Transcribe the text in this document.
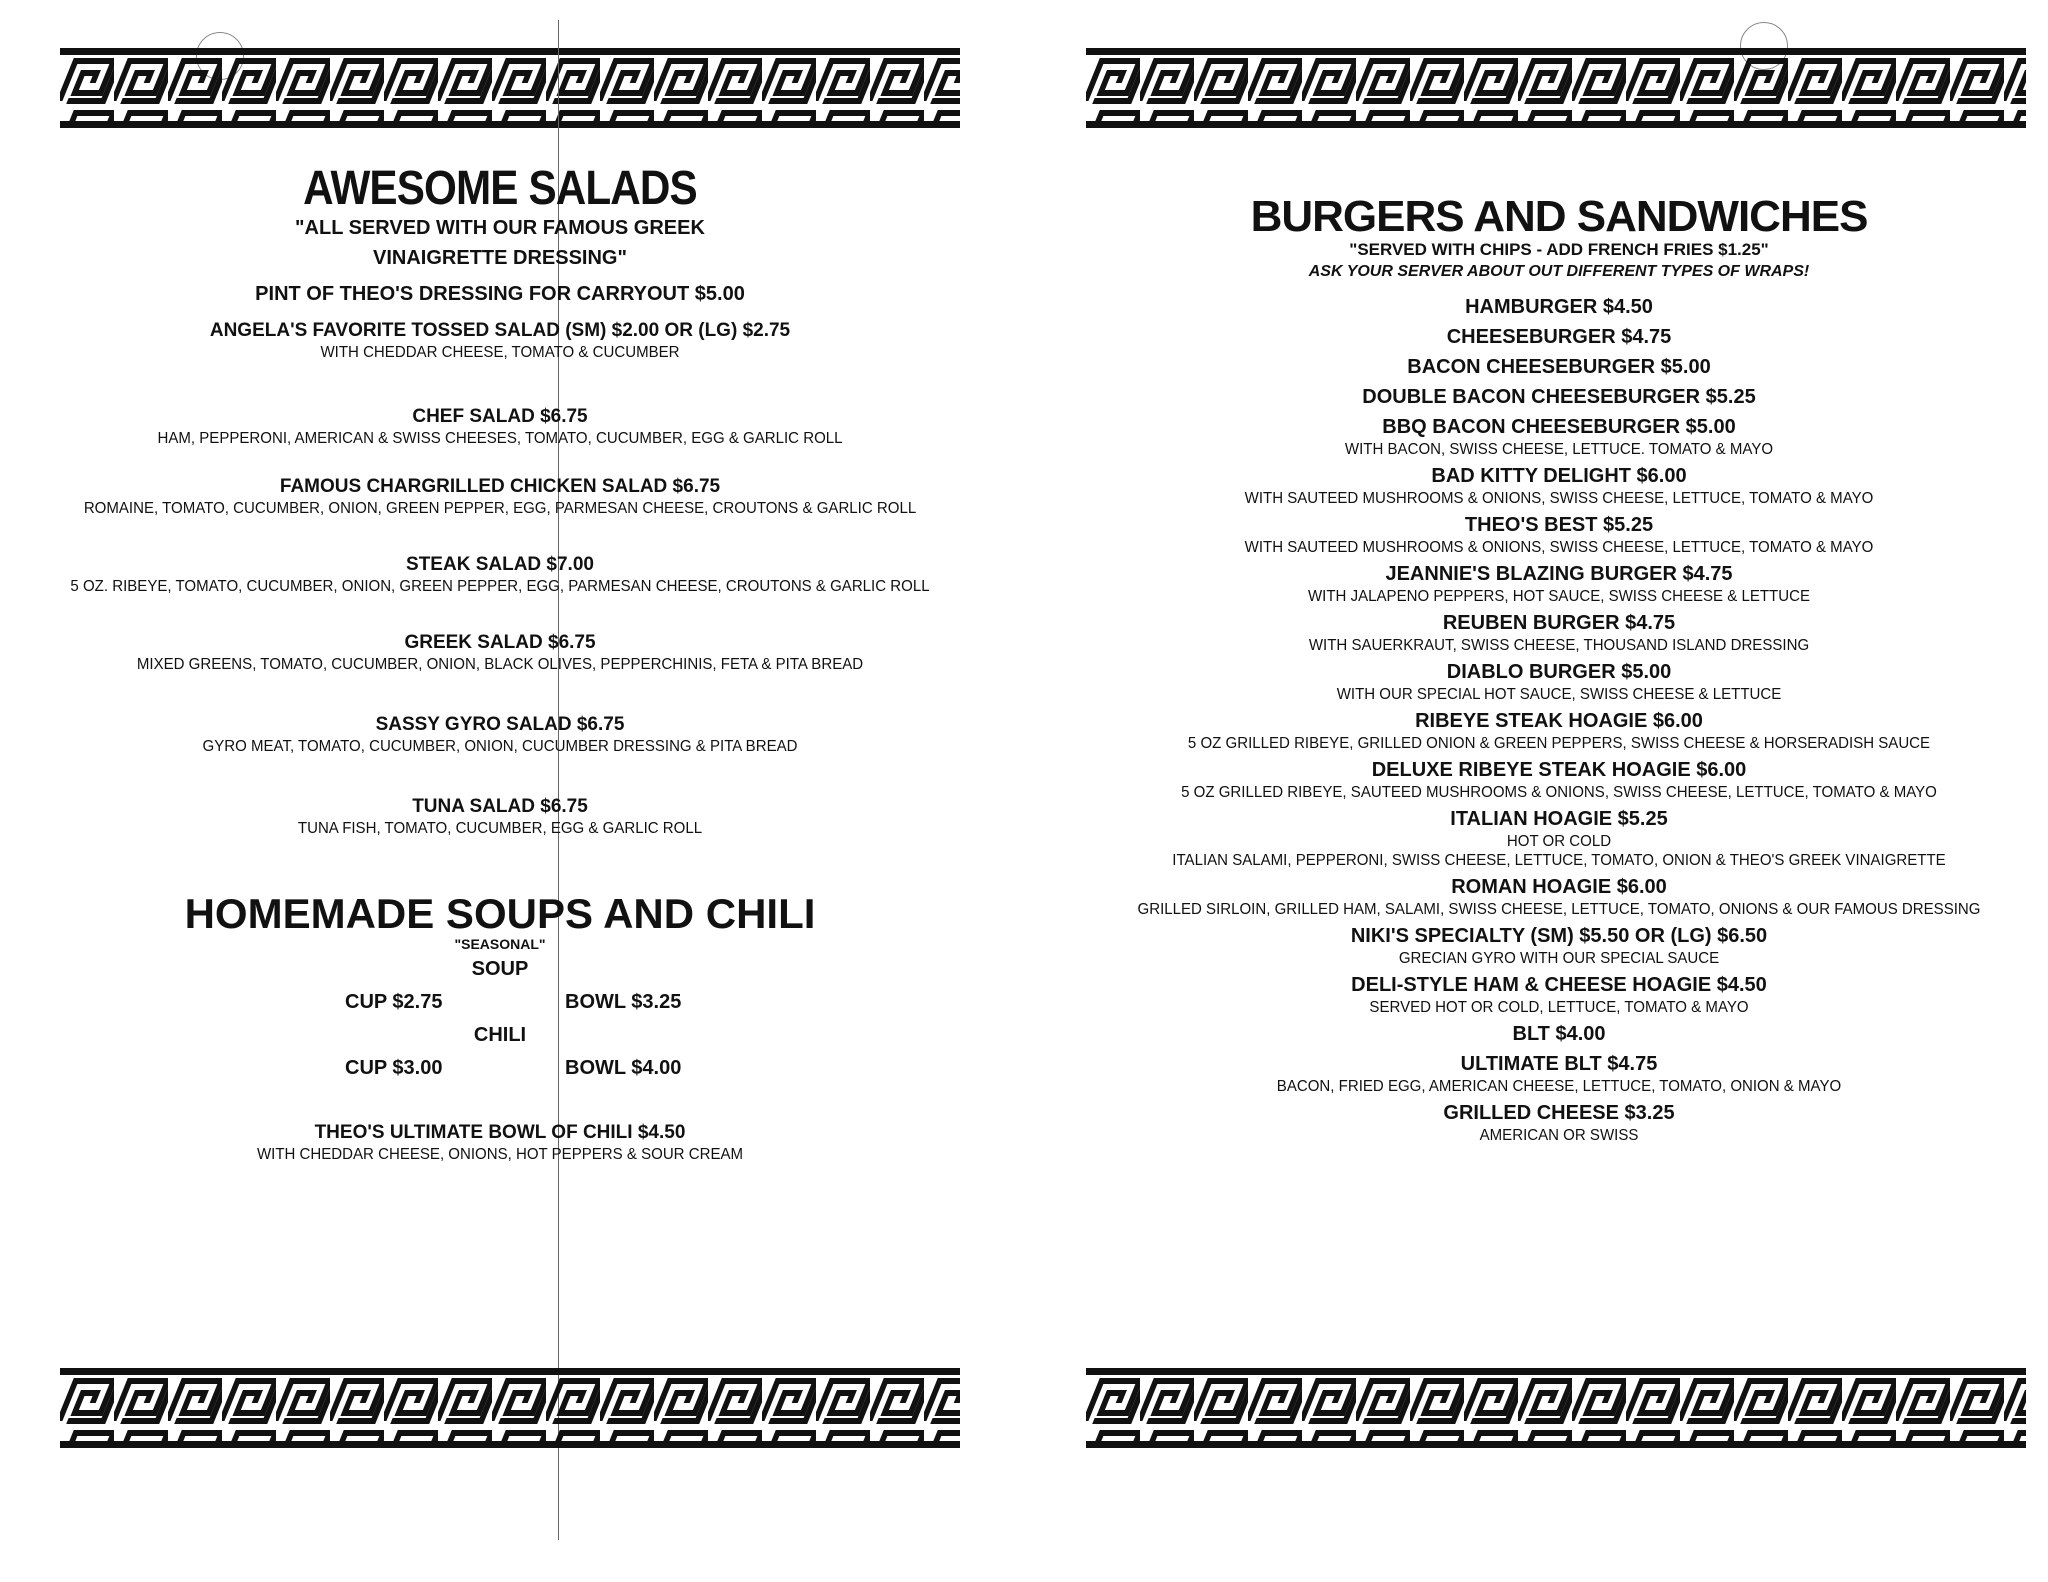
AWESOME SALADS
"ALL SERVED WITH OUR FAMOUS GREEK
VINAIGRETTE DRESSING"
PINT OF THEO'S DRESSING FOR CARRYOUT $5.00
ANGELA'S FAVORITE TOSSED SALAD (SM) $2.00 OR (LG) $2.75
WITH CHEDDAR CHEESE, TOMATO & CUCUMBER
CHEF SALAD $6.75
HAM, PEPPERONI, AMERICAN & SWISS CHEESES, TOMATO, CUCUMBER, EGG & GARLIC ROLL
FAMOUS CHARGRILLED CHICKEN SALAD $6.75
ROMAINE, TOMATO, CUCUMBER, ONION, GREEN PEPPER, EGG, PARMESAN CHEESE, CROUTONS & GARLIC ROLL
STEAK SALAD $7.00
5 OZ. RIBEYE, TOMATO, CUCUMBER, ONION, GREEN PEPPER, EGG, PARMESAN CHEESE, CROUTONS & GARLIC ROLL
GREEK SALAD $6.75
MIXED GREENS, TOMATO, CUCUMBER, ONION, BLACK OLIVES, PEPPERCHINIS, FETA & PITA BREAD
SASSY GYRO SALAD $6.75
GYRO MEAT, TOMATO, CUCUMBER, ONION, CUCUMBER DRESSING & PITA BREAD
TUNA SALAD $6.75
TUNA FISH, TOMATO, CUCUMBER, EGG & GARLIC ROLL
HOMEMADE SOUPS AND CHILI
"SEASONAL"
SOUP
CUP $2.75	BOWL $3.25
CHILI
CUP $3.00	BOWL $4.00
THEO'S ULTIMATE BOWL OF CHILI $4.50
WITH CHEDDAR CHEESE, ONIONS, HOT PEPPERS & SOUR CREAM
BURGERS AND SANDWICHES
"SERVED WITH CHIPS - ADD FRENCH FRIES $1.25"
ASK YOUR SERVER ABOUT OUT DIFFERENT TYPES OF WRAPS!
HAMBURGER $4.50
CHEESEBURGER $4.75
BACON CHEESEBURGER $5.00
DOUBLE BACON CHEESEBURGER $5.25
BBQ BACON CHEESEBURGER $5.00
WITH BACON, SWISS CHEESE, LETTUCE. TOMATO & MAYO
BAD KITTY DELIGHT $6.00
WITH SAUTEED MUSHROOMS & ONIONS, SWISS CHEESE, LETTUCE, TOMATO & MAYO
THEO'S BEST $5.25
WITH SAUTEED MUSHROOMS & ONIONS, SWISS CHEESE, LETTUCE, TOMATO & MAYO
JEANNIE'S BLAZING BURGER $4.75
WITH JALAPENO PEPPERS, HOT SAUCE, SWISS CHEESE & LETTUCE
REUBEN BURGER $4.75
WITH SAUERKRAUT, SWISS CHEESE, THOUSAND ISLAND DRESSING
DIABLO BURGER $5.00
WITH OUR SPECIAL HOT SAUCE, SWISS CHEESE & LETTUCE
RIBEYE STEAK HOAGIE $6.00
5 OZ GRILLED RIBEYE, GRILLED ONION & GREEN PEPPERS, SWISS CHEESE & HORSERADISH SAUCE
DELUXE RIBEYE STEAK HOAGIE $6.00
5 OZ GRILLED RIBEYE, SAUTEED MUSHROOMS & ONIONS, SWISS CHEESE, LETTUCE, TOMATO & MAYO
ITALIAN HOAGIE $5.25
HOT OR COLD
ITALIAN SALAMI, PEPPERONI, SWISS CHEESE, LETTUCE, TOMATO, ONION & THEO'S GREEK VINAIGRETTE
ROMAN HOAGIE $6.00
GRILLED SIRLOIN, GRILLED HAM, SALAMI, SWISS CHEESE, LETTUCE, TOMATO, ONIONS & OUR FAMOUS DRESSING
NIKI'S SPECIALTY (SM) $5.50 OR (LG) $6.50
GRECIAN GYRO WITH OUR SPECIAL SAUCE
DELI-STYLE HAM & CHEESE HOAGIE $4.50
SERVED HOT OR COLD, LETTUCE, TOMATO & MAYO
BLT $4.00
ULTIMATE BLT $4.75
BACON, FRIED EGG, AMERICAN CHEESE, LETTUCE, TOMATO, ONION & MAYO
GRILLED CHEESE $3.25
AMERICAN OR SWISS
